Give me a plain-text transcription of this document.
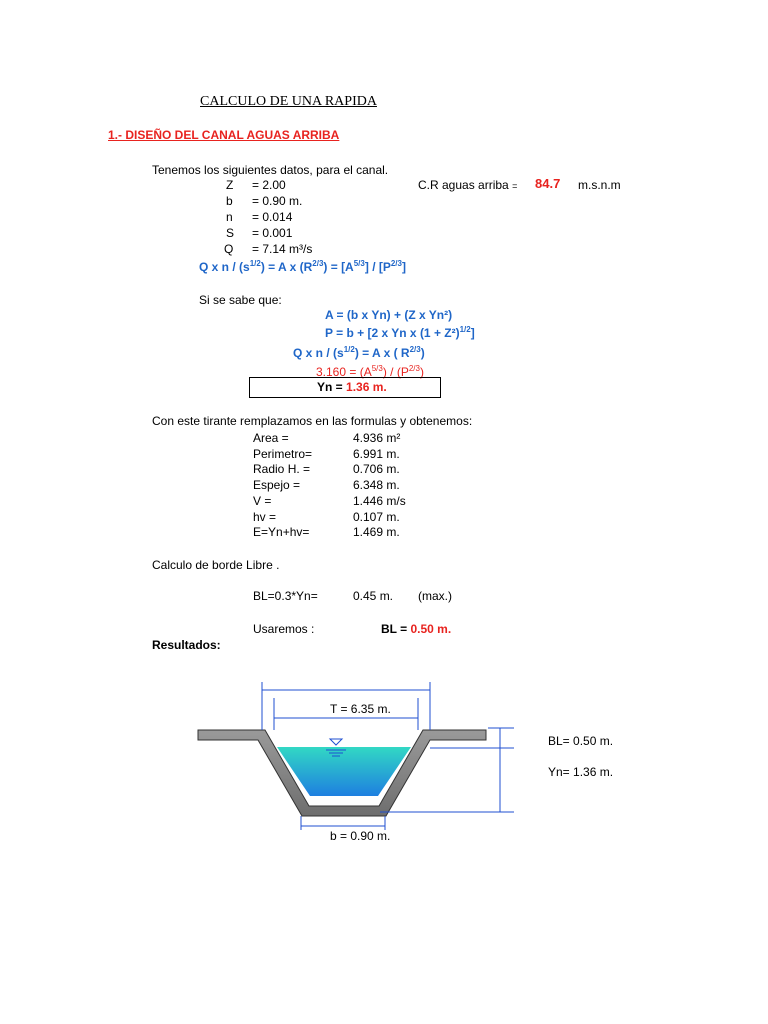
CALCULO DE UNA RAPIDA
1.- DISEÑO DEL CANAL AGUAS ARRIBA
Tenemos los siguientes datos, para el canal.
Z = 2.00
b = 0.90 m.
n = 0.014
S = 0.001
Q = 7.14 m³/s
C.R aguas arriba = 84.7 m.s.n.m
Q x $n / (s^{1/2}) = A$ x $(R^{2/3}) = [A^{5/3}] / [P^{2/3}]$
Si se sabe que:
A = (b x Yn) + (Z x Yn²)
P = b + [2 x Yn x $(1 + Z^2)^{1/2}$]
Q x $n / (s^{1/2}) = A$ x ( $R^{2/3}$)
$3.160 = (A^{5/3}) / (P^{2/3})$
Yn = 1.36 m.
Con este tirante remplazamos en las formulas y obtenemos:
Area =	4.936 m²
Perimetro=	6.991 m.
Radio H. =	0.706 m.
Espejo =	6.348 m.
V =	1.446 m/s
hv =	0.107 m.
E=Yn+hv=	1.469 m.
Calculo de borde Libre .
BL=0.3*Yn=	0.45 m. (max.)
Usaremos :	BL = 0.50 m.
Resultados:
T = 6.35 m.
BL= 0.50 m.
Yn= 1.36 m.
b = 0.90 m.
